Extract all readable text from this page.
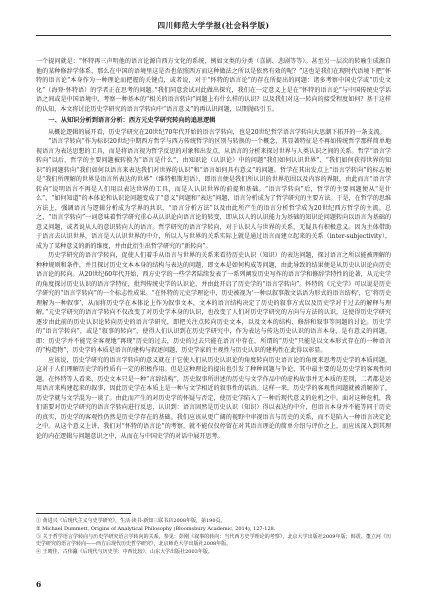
四川师范大学学报(社会科学版)

一个提问就是：“怀特再三声明他的语言论源自西方文化的系统，例如文类的分类（喜剧、悲剧等等）。甚至另一层次的转喻生成源自他的某种修辞学体系，那么在中国的语境里这是否也依照西方而这种做法之所以是依然有效的呢？”这也是我们在现时代语境下把“怀特的语言论”本身作为一种理论而把握的关键点，或者说，对于“怀特的语言论”的存在所提出的问题：诸多考察中国史学或“历史文化”（海登·怀特语）的学者正在思考的问题。”我们同意尝试对此做出探究，我们在一定意义上是在“怀特的语言论”与中国传统史学话语之间或是中国语境中，考察一种基本的“相关的语言转向”问题上有什么样的认识？以及我们对这一转向的接受程度如何？基于这样的认知，本文将讨论历史学研究的语言学转向中“语言意义”的再认识问题，以期抛砖引玉。

一、从知识分析到语言分析：西方元史学研究转向的追思逻辑

从概论逻辑的展开看，历史学研究在20世纪70年代开始的语言学转向，也是20世纪哲学语言学转向大思潮下拓开的一条支流。

“语言学转向”作为标识20世纪中期西方哲学与西方传统哲学的区别与转换的一个概念，其显著特征是不再如传统哲学那样简单地视语言为表达思想的工具，而是将语言视为哲学反思的对象和出发点，从语言的分析来探讨世界与人类认识之间的关系。哲学“语言学转向”以后，哲学的主要问题被转换为“语言是什么”，由知识论（认识论）中的问题“我们如何认识世界”、“我们如何获得世界的知识”的问题转向“我们如何以语言来表达我们对世界的认识”和“语言如何具有意义”的问题。哲学在其出发点上“语言学转向”的标志便是“我们所理解的世界是语言所表达的世界”（维特根斯坦语），即语言便是我们所认识的世界范围以及内容的界限，由此而言“语言学转向”说明语言不再是人们用以表达世界的工具，而是人认识世界的前提和基础。“语言学转向”后，哲学的主要问题便从“是什么”、“如何知道”的本体论和认识论问题变成了“意义”问题和“表达”问题，语言分析成为了哲学研究的主要方法。于是，在哲学的思维方法上，强调语言与逻辑分析成为学界的共识，“语言分析方法”以及由此所产生的语言分析哲学成为20世纪西方哲学的主流。总之，“语言学转向”一词意味着哲学研究重心从认识论向语言论的转变，即从以人的认识能力为基础的知识论问题转向以语言为基础的意义问题，或者说从人的意识转向人的语言。哲学研究的语言学转向，对于认识人与世界的关系，无疑具有积极意义。因为主体借助于语言去认识世界，语言是人认识世界的中介，所以人与世界的关系实际上就是通过语言而建立起来的关系（inter-subjectivity），成为了某种意义的新的维度，并由此衍生出哲学研究的“新转向”。

历史学研究的语言学转向，促使人们着手从语言与世界的关系来看待历史认识（知识）的表达问题，探讨语言之所以能被理解的种种规则和条件，并且探讨历史文本本身的结构与表达的问题，即文本是如何构成等问题，由此导致的结果便是从历史认识论向历史语言论的转向。从20世纪60年代开始，西方史学的一些学者陆续发表了一系列阐发历史写作的语言学和修辞学特性的论著，从元史学的角度探讨历史认识的语言学特征，批判传统史学的认识论，并由此开启了历史学的“语言学转向”。怀特的《元史学》可以说是历史学研究的“语言学转向”的一个标志性成果。“在怀特的元史学理论中，历史被视为‘一种以叙事散文话语为形式的语言结构’，它‘将历史理解为一种叙事’，从而将历史学在本体论上作为叙事文本，文本的语言结构决定了历史的叙事方式以及历史学对于过去的解释与理解。”元史学研究的语言学转向不仅改变了对历史学本身的认识，也改变了人们对历史学研究的方向与方法的认识，这使得历史学研究逐步由此前的历史认识论转向历史的语言学研究，即把关注点转向历史文本，以及文本的结构、修辞和叙事等问题的讨论。历史学的“语言学转向”，或是“叙事的转向”，使得人们认识到在历史学研究中，作为表达与传达历史认识的语言本身，是有意义的问题，即：历史学并不能完全客观地“再现”历史的过去，历史的过去只能在语言中存在，所谓的“历史”只能是以文本形式存在的一种语言的“构造物”，历史学的本质是语言的建构与叙述问题，历史学家的主观性与历史认识的建构性在此得以彰显。

应该说，历史学研究的语言学转向的意义就在于它使人们从历史认识论的角度转向历史语言论的角度来思考历史学的本质问题，这对于人们理解历史学的性质有一定的积极作用。但是这种理论的提出也引发了种种问题与争论，其中最主要的是历史学的客观性问题。在怀特等人看来，历史文本只是一种“言辞结构”，历史叙事所讲述的历史与文学作品中的虚构故事并无本质的差别，二者都是运用语言来构建起来的叙事，因此历史学在本质上是一种与文学相近的叙事性的话语。这样一来，历史学的客观性问题就被消解掉了，历史学就与文学混为一谈了。由此而产生的对历史学的怀疑与否定，使历史学陷入了一种后现代意义的危机之中。面对这种危机，我们需要对历史学研究的语言学转向进行反思，认识到：语言固然是历史认识（知识）得以表达的中介，但语言本身并不能等同于历史的真实，历史学的客观性仍然是历史学存在的基础。我们应该从更广阔的视野中审视语言与历史的关系，而不是陷入一种语言决定论之中。从这个意义上讲，我们对“怀特的语言论”的考察，就不能仅仅停留在对其语言理论的简单介绍与评价之上，而应该深入到其理论的内在逻辑与问题意识之中，从而在与中国史学的对话中展开思考。

① 黄进兴《后现代主义与史学研究》，生活·读书·新知三联书店2008年版，第190页。

② Michael Dummett, Origins of Analytical Philosophy (Bloomsbury Academic, 2014), 127-128.

③ 关于哲学语言学转向与历史学研究语言学转向的关系，参见：彭刚《叙事的转向：当代西方史学理论的考察》，北京大学出版社2009年版；韩震、董立河《历史学研究的语言学转向——西方后现代历史哲学研究》，北京师范大学出版社2008年版。

④ 王晴佳、古伟瀛《后现代与历史学：中西比较》，山东大学出版社2003年版。

6
